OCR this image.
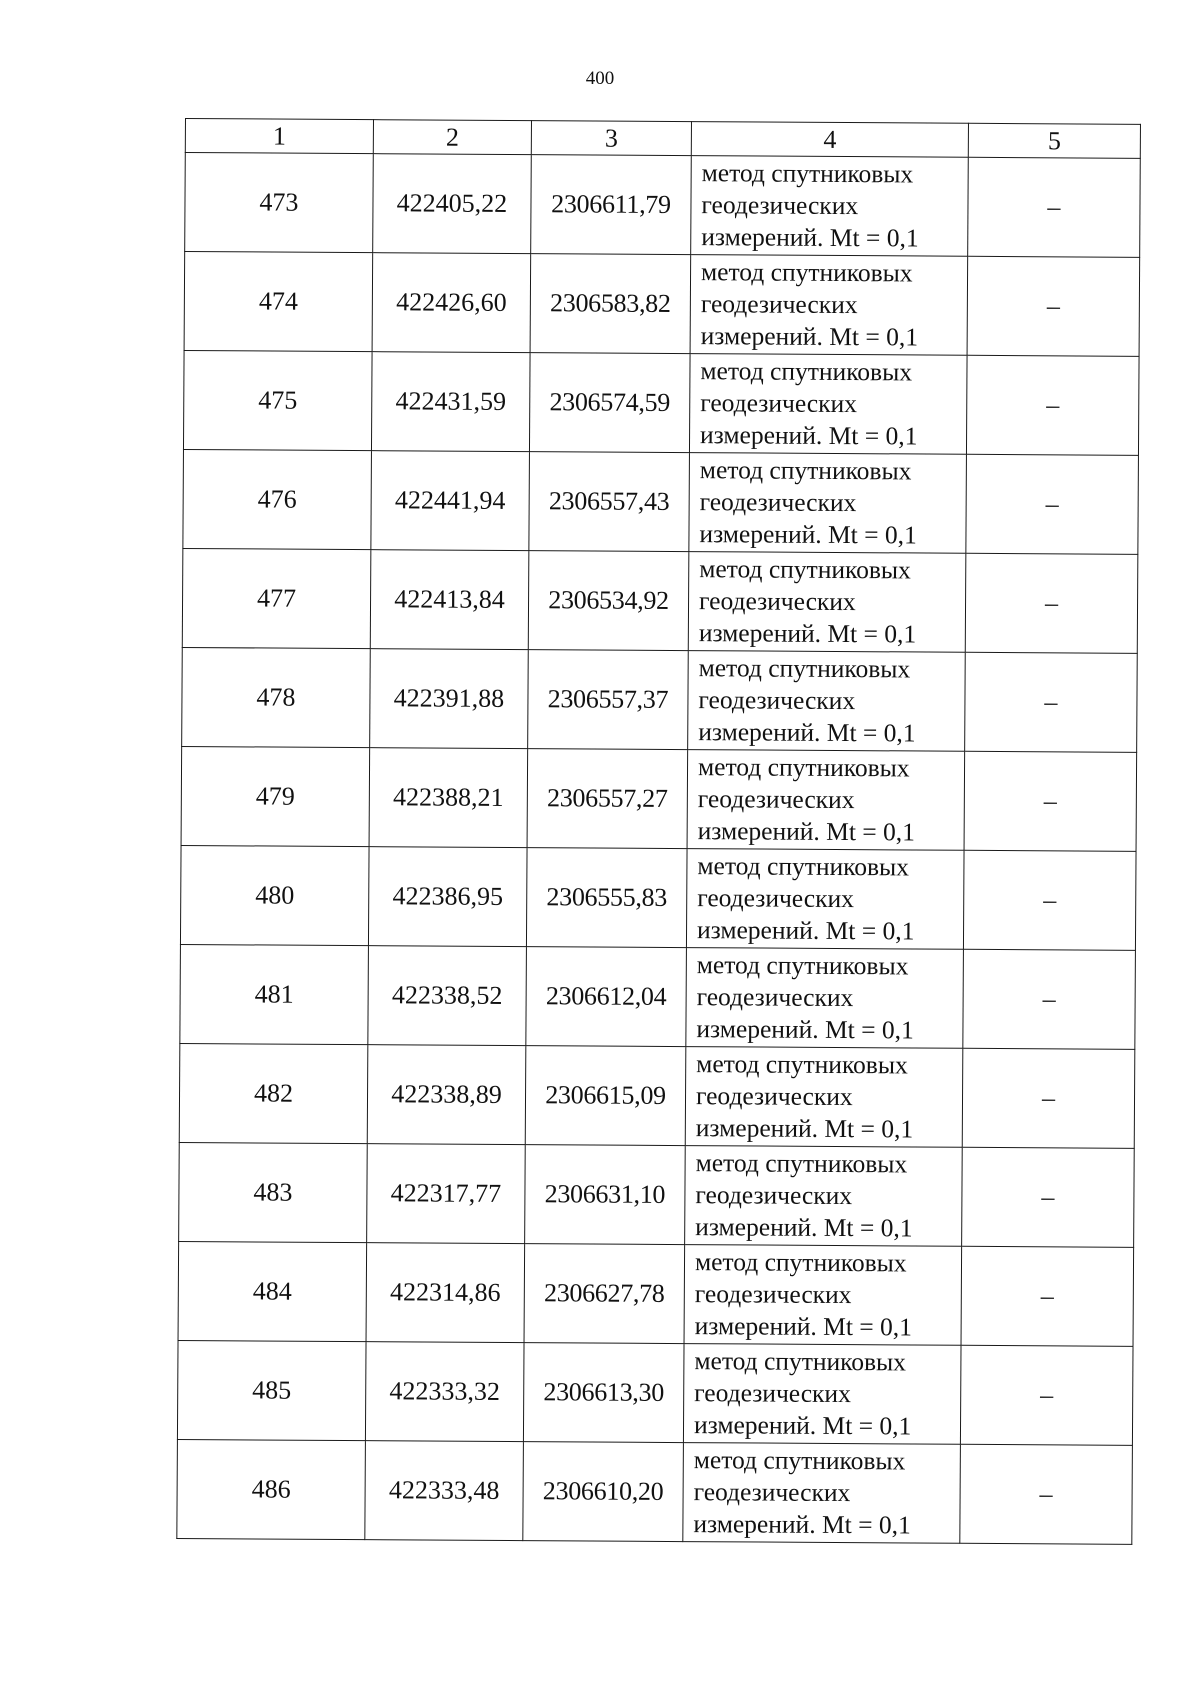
400
1	2	3	4	5
473	422405,22	2306611,79	метод спутниковых
геодезических
измерений. Mt = 0,1	–
474	422426,60	2306583,82	метод спутниковых
геодезических
измерений. Mt = 0,1	–
475	422431,59	2306574,59	метод спутниковых
геодезических
измерений. Mt = 0,1	–
476	422441,94	2306557,43	метод спутниковых
геодезических
измерений. Mt = 0,1	–
477	422413,84	2306534,92	метод спутниковых
геодезических
измерений. Mt = 0,1	–
478	422391,88	2306557,37	метод спутниковых
геодезических
измерений. Mt = 0,1	–
479	422388,21	2306557,27	метод спутниковых
геодезических
измерений. Mt = 0,1	–
480	422386,95	2306555,83	метод спутниковых
геодезических
измерений. Mt = 0,1	–
481	422338,52	2306612,04	метод спутниковых
геодезических
измерений. Mt = 0,1	–
482	422338,89	2306615,09	метод спутниковых
геодезических
измерений. Mt = 0,1	–
483	422317,77	2306631,10	метод спутниковых
геодезических
измерений. Mt = 0,1	–
484	422314,86	2306627,78	метод спутниковых
геодезических
измерений. Mt = 0,1	–
485	422333,32	2306613,30	метод спутниковых
геодезических
измерений. Mt = 0,1	–
486	422333,48	2306610,20	метод спутниковых
геодезических
измерений. Mt = 0,1	–
